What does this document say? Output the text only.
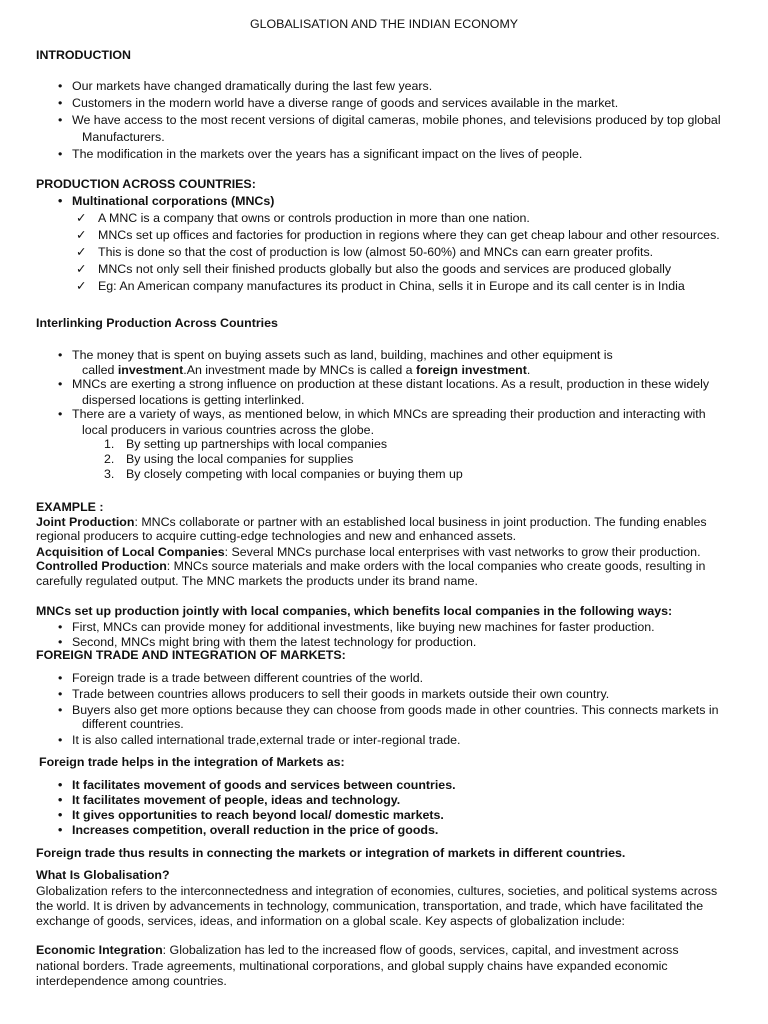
GLOBALISATION AND THE INDIAN ECONOMY
INTRODUCTION
• Our markets have changed dramatically during the last few years.
• Customers in the modern world have a diverse range of goods and services available in the market.
• We have access to the most recent versions of digital cameras, mobile phones, and televisions produced by top global
Manufacturers.
• The modification in the markets over the years has a significant impact on the lives of people.
PRODUCTION ACROSS COUNTRIES:
• Multinational corporations (MNCs)
✓ A MNC is a company that owns or controls production in more than one nation.
✓ MNCs set up offices and factories for production in regions where they can get cheap labour and other resources.
✓ This is done so that the cost of production is low (almost 50-60%) and MNCs can earn greater profits.
✓ MNCs not only sell their finished products globally but also the goods and services are produced globally
✓ Eg: An American company manufactures its product in China, sells it in Europe and its call center is in India
Interlinking Production Across Countries
• The money that is spent on buying assets such as land, building, machines and other equipment is
called investment.An investment made by MNCs is called a foreign investment.
• MNCs are exerting a strong influence on production at these distant locations. As a result, production in these widely
dispersed locations is getting interlinked.
• There are a variety of ways, as mentioned below, in which MNCs are spreading their production and interacting with
local producers in various countries across the globe.
1. By setting up partnerships with local companies
2. By using the local companies for supplies
3. By closely competing with local companies or buying them up
EXAMPLE :
Joint Production: MNCs collaborate or partner with an established local business in joint production. The funding enables
regional producers to acquire cutting-edge technologies and new and enhanced assets.
Acquisition of Local Companies: Several MNCs purchase local enterprises with vast networks to grow their production.
Controlled Production: MNCs source materials and make orders with the local companies who create goods, resulting in
carefully regulated output. The MNC markets the products under its brand name.
MNCs set up production jointly with local companies, which benefits local companies in the following ways:
• First, MNCs can provide money for additional investments, like buying new machines for faster production.
• Second, MNCs might bring with them the latest technology for production.
FOREIGN TRADE AND INTEGRATION OF MARKETS:
• Foreign trade is a trade between different countries of the world.
• Trade between countries allows producers to sell their goods in markets outside their own country.
• Buyers also get more options because they can choose from goods made in other countries. This connects markets in
different countries.
• It is also called international trade,external trade or inter-regional trade.
Foreign trade helps in the integration of Markets as:
• It facilitates movement of goods and services between countries.
• It facilitates movement of people, ideas and technology.
• It gives opportunities to reach beyond local/ domestic markets.
• Increases competition, overall reduction in the price of goods.
Foreign trade thus results in connecting the markets or integration of markets in different countries.
What Is Globalisation?
Globalization refers to the interconnectedness and integration of economies, cultures, societies, and political systems across
the world. It is driven by advancements in technology, communication, transportation, and trade, which have facilitated the
exchange of goods, services, ideas, and information on a global scale. Key aspects of globalization include:
Economic Integration: Globalization has led to the increased flow of goods, services, capital, and investment across
national borders. Trade agreements, multinational corporations, and global supply chains have expanded economic
interdependence among countries.
